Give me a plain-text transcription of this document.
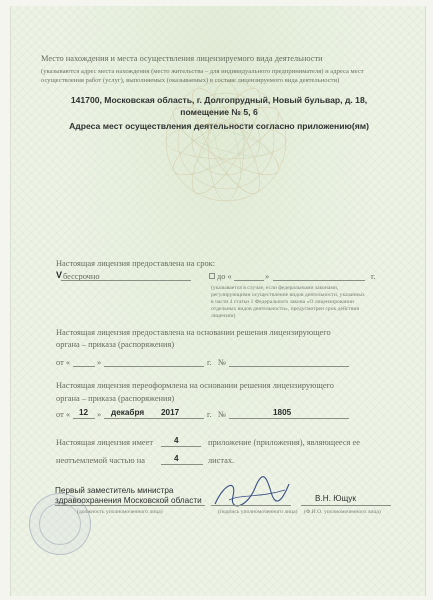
Место нахождения и места осуществления лицензируемого вида деятельности
(указываются адрес места нахождения (место жительства – для индивидуального предпринимателя) и адреса мест
осуществления работ (услуг), выполняемых (оказываемых) в составе лицензируемого вида деятельности)
141700, Московская область, г. Долгопрудный, Новый бульвар, д. 18,
помещение № 5, 6
Адреса мест осуществления деятельности согласно приложению(ям)
Настоящая лицензия предоставлена на срок:
V бессрочно	до «	»	г.
(указывается в случае, если федеральными законами,
регулирующими осуществление видов деятельности, указанных
в части 4 статьи 1 Федерального закона «О лицензировании
отдельных видов деятельности», предусмотрен срок действия
лицензии)
Настоящая лицензия предоставлена на основании решения лицензирующего
органа – приказа (распоряжения)
от «	»	г. №
Настоящая лицензия переоформлена на основании решения лицензирующего
органа – приказа (распоряжения)
от « 12 » декабря 2017	г. №	1805
Настоящая лицензия имеет	4	приложение (приложения), являющееся ее
неотъемлемой частью на	4	листах.
Первый заместитель министра
здравоохранения Московской области
(должность уполномоченного лица)	(подпись уполномоченного лица)
В.Н. Ющук
(Ф.И.О. уполномоченного лица)
